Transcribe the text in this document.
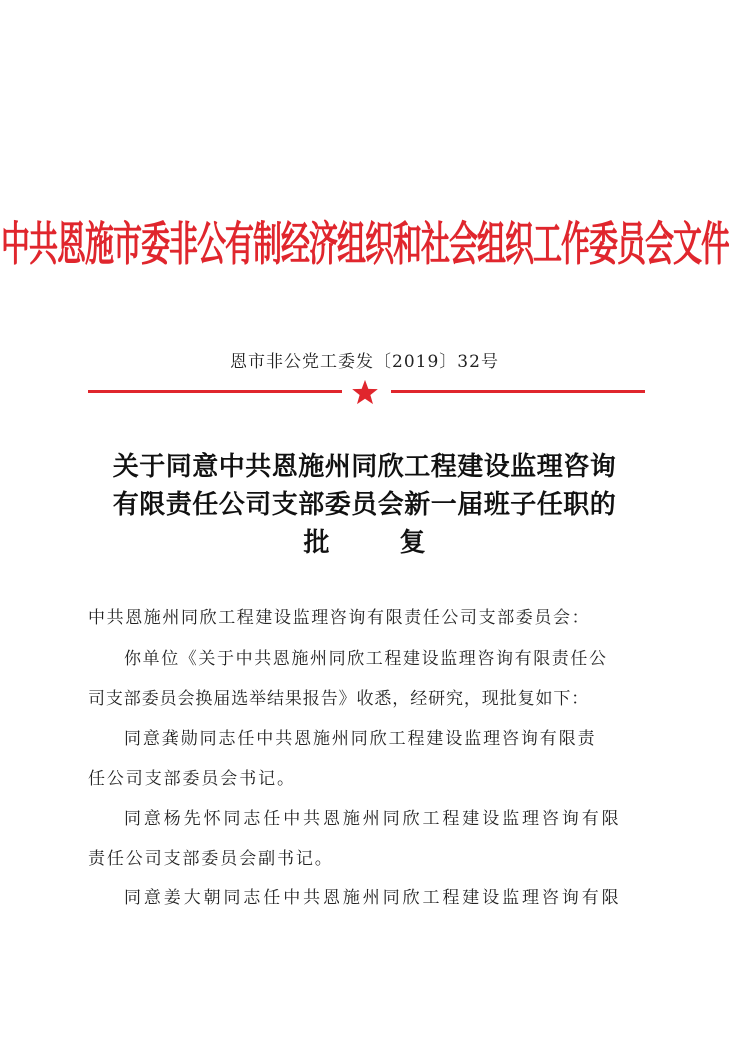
中共恩施市委非公有制经济组织和社会组织工作委员会文件
恩市非公党工委发〔2019〕32号
关于同意中共恩施州同欣工程建设监理咨询
有限责任公司支部委员会新一届班子任职的
批	复
中共恩施州同欣工程建设监理咨询有限责任公司支部委员会：
你单位《关于中共恩施州同欣工程建设监理咨询有限责任公
司支部委员会换届选举结果报告》收悉，经研究，现批复如下：
同意龚勋同志任中共恩施州同欣工程建设监理咨询有限责
任公司支部委员会书记。
同意杨先怀同志任中共恩施州同欣工程建设监理咨询有限
责任公司支部委员会副书记。
同意姜大朝同志任中共恩施州同欣工程建设监理咨询有限
